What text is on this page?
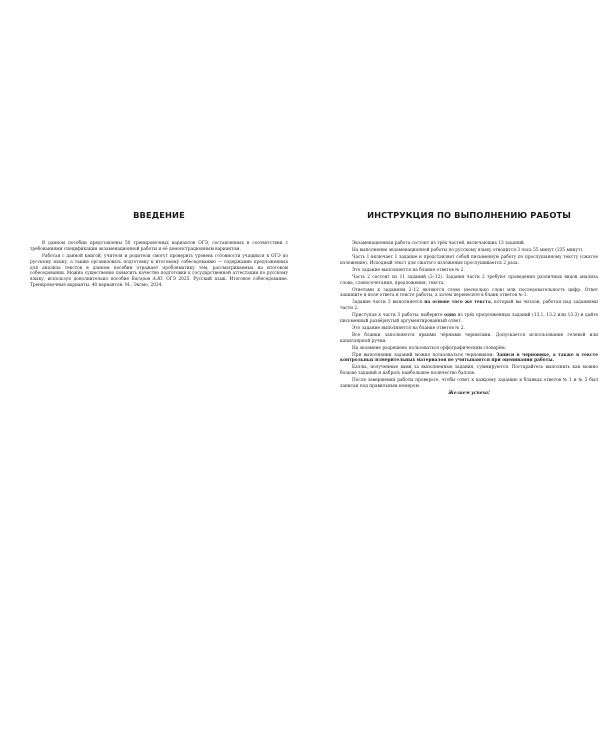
ВВЕДЕНИЕ

В данном пособии представлены 50 тренировочных вариантов ОГЭ, составленных в соответствии с требованиями спецификации экзаменационной работы и её демонстрационным вариантом.

Работая с данной книгой, учителя и родители смогут проверить уровень готовности учащихся к ОГЭ по русскому языку, а также организовать подготовку к итоговому собеседованию — содержание предложенных для анализа текстов в данном пособии отражает проблематику тем, рассматриваемых на итоговом собеседовании. Можно существенно повысить качество подготовки к государственной аттестации по русскому языку, используя дополнительно пособие Васоров А.Ю. ОГЭ 2025. Русский язык. Итоговое собеседование. Тренировочные варианты. 40 вариантов. М.: Эксмо, 2024.

ИНСТРУКЦИЯ ПО ВЫПОЛНЕНИЮ РАБОТЫ

Экзаменационная работа состоит из трёх частей, включающих 13 заданий.

На выполнение экзаменационной работы по русскому языку отводится 3 часа 55 минут (235 минут).

Часть 1 включает 1 задание и представляет собой письменную работу по прослушанному тексту (сжатое изложение). Исходный текст для сжатого изложения прослушивается 2 раза.

Это задание выполняется на бланке ответов № 2.

Часть 2 состоит из 11 заданий (2–12). Задания части 2 требуют проведения различных видов анализа слова, словосочетания, предложения, текста.

Ответами к заданиям 2–12 являются слово (несколько слов) или последовательность цифр. Ответ запишите в поле ответа в тексте работы, а затем перенесите в бланк ответов № 1.

Задание части 3 выполняется на основе того же текста, который вы читали, работая над заданиями части 2.

Приступая к части 3 работы, выберите одно из трёх предложенных заданий (13.1, 13.2 или 13.3) и дайте письменный развёрнутый аргументированный ответ.

Это задание выполняется на бланке ответов № 2.

Все бланки заполняются яркими чёрными чернилами. Допускается использование гелевой или капиллярной ручки.

На экзамене разрешено пользоваться орфографическим словарём.

При выполнении заданий можно пользоваться черновиком. Записи в черновике, а также в тексте контрольных измерительных материалов не учитываются при оценивании работы.

Баллы, полученные вами за выполненные задания, суммируются. Постарайтесь выполнить как можно больше заданий и набрать наибольшее количество баллов.

После завершения работы проверьте, чтобы ответ к каждому заданию в бланках ответов № 1 и № 2 был записан под правильным номером.

Желаем успеха!
